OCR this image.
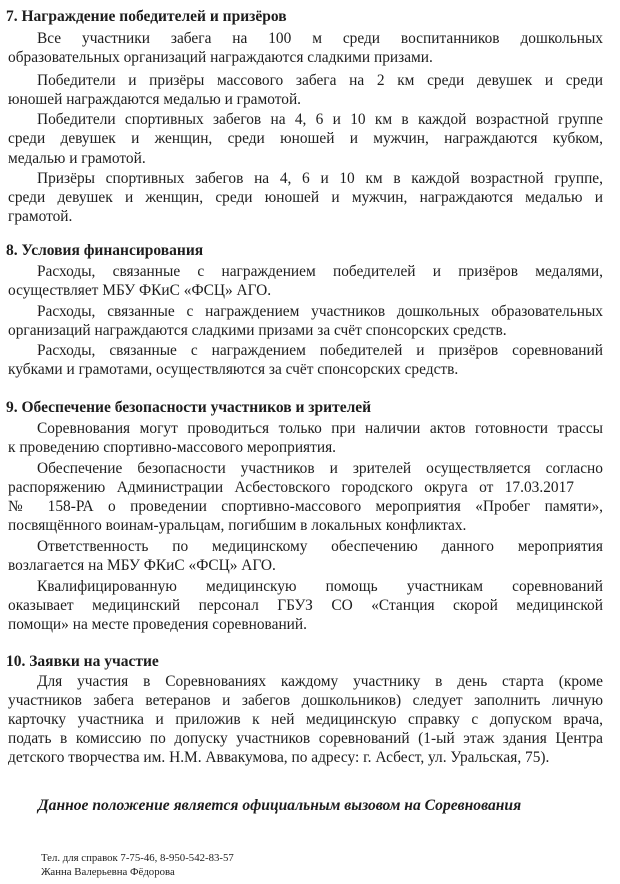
7. Награждение победителей и призёров
Все участники забега на 100 м среди воспитанников дошкольных
образовательных организаций награждаются сладкими призами.
Победители и призёры массового забега на 2 км среди девушек и среди
юношей награждаются медалью и грамотой.
Победители спортивных забегов на 4, 6 и 10 км в каждой возрастной группе
среди девушек и женщин, среди юношей и мужчин, награждаются кубком,
медалью и грамотой.
Призёры спортивных забегов на 4, 6 и 10 км в каждой возрастной группе,
среди девушек и женщин, среди юношей и мужчин, награждаются медалью и
грамотой.
8. Условия финансирования
Расходы, связанные с награждением победителей и призёров медалями,
осуществляет МБУ ФКиС «ФСЦ» АГО.
Расходы, связанные с награждением участников дошкольных образовательных
организаций награждаются сладкими призами за счёт спонсорских средств.
Расходы, связанные с награждением победителей и призёров соревнований
кубками и грамотами, осуществляются за счёт спонсорских средств.
9. Обеспечение безопасности участников и зрителей
Соревнования могут проводиться только при наличии актов готовности трассы
к проведению спортивно-массового мероприятия.
Обеспечение безопасности участников и зрителей осуществляется согласно
распоряжению Администрации Асбестовского городского округа от 17.03.2017
№ 158-РА о проведении спортивно-массового мероприятия «Пробег памяти»,
посвящённого воинам-уральцам, погибшим в локальных конфликтах.
Ответственность по медицинскому обеспечению данного мероприятия
возлагается на МБУ ФКиС «ФСЦ» АГО.
Квалифицированную медицинскую помощь участникам соревнований
оказывает медицинский персонал ГБУЗ СО «Станция скорой медицинской
помощи» на месте проведения соревнований.
10. Заявки на участие
Для участия в Соревнованиях каждому участнику в день старта (кроме
участников забега ветеранов и забегов дошкольников) следует заполнить личную
карточку участника и приложив к ней медицинскую справку с допуском врача,
подать в комиссию по допуску участников соревнований (1-ый этаж здания Центра
детского творчества им. Н.М. Аввакумова, по адресу: г. Асбест, ул. Уральская, 75).
Данное положение является официальным вызовом на Соревнования
Тел. для справок 7-75-46, 8-950-542-83-57
Жанна Валерьевна Фёдорова
